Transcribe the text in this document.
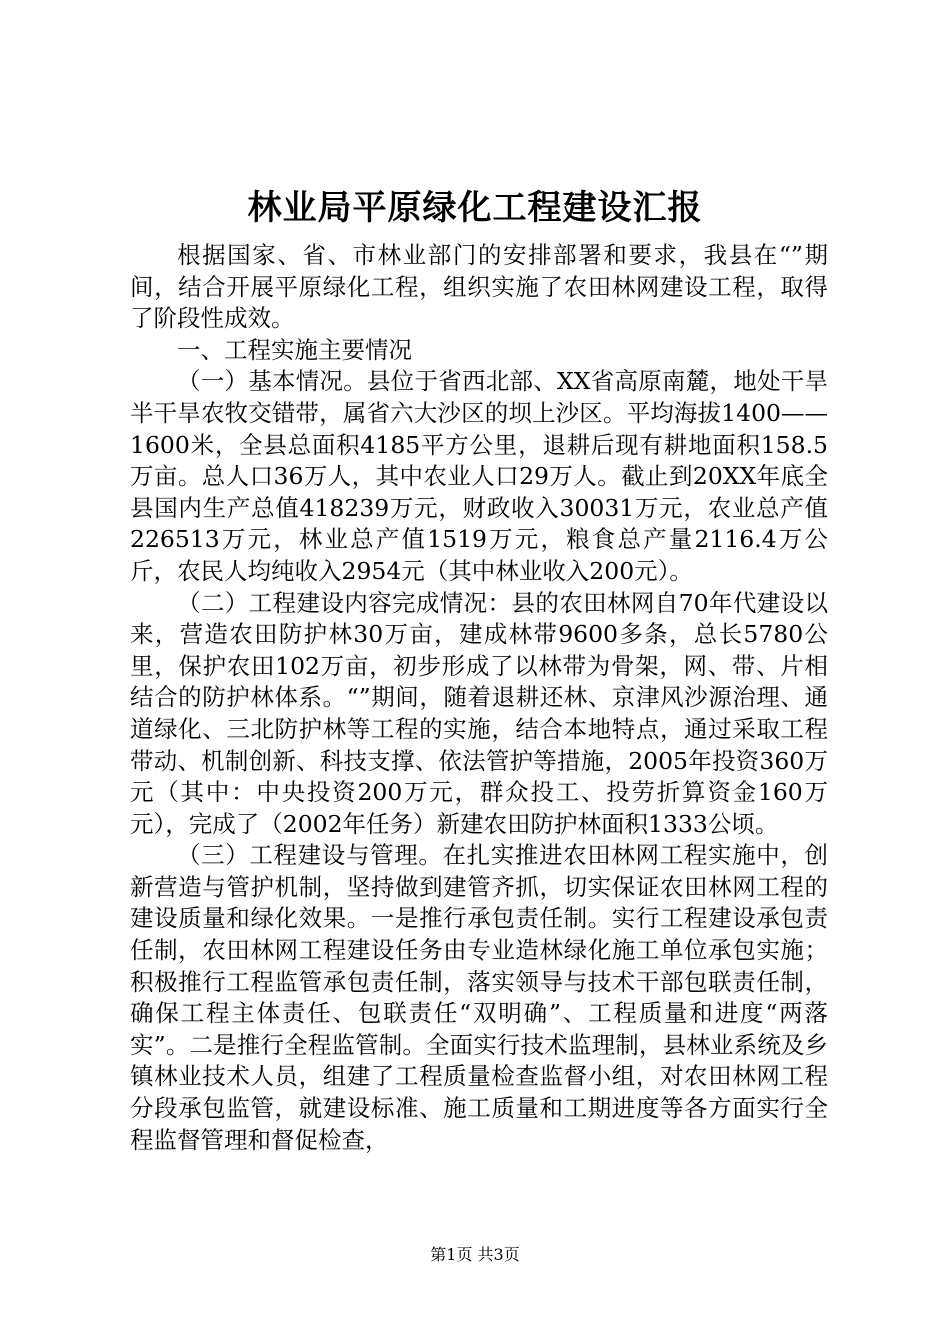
林业局平原绿化工程建设汇报

根据国家、省、市林业部门的安排部署和要求，我县在“”期间，结合开展平原绿化工程，组织实施了农田林网建设工程，取得了阶段性成效。

一、工程实施主要情况

（一）基本情况。县位于省西北部、XX省高原南麓，地处干旱半干旱农牧交错带，属省六大沙区的坝上沙区。平均海拔1400——1600米，全县总面积4185平方公里，退耕后现有耕地面积158.5万亩。总人口36万人，其中农业人口29万人。截止到20XX年底全县国内生产总值418239万元，财政收入30031万元，农业总产值226513万元，林业总产值1519万元，粮食总产量2116.4万公斤，农民人均纯收入2954元（其中林业收入200元）。

（二）工程建设内容完成情况：县的农田林网自70年代建设以来，营造农田防护林30万亩，建成林带9600多条，总长5780公里，保护农田102万亩，初步形成了以林带为骨架，网、带、片相结合的防护林体系。“”期间，随着退耕还林、京津风沙源治理、通道绿化、三北防护林等工程的实施，结合本地特点，通过采取工程带动、机制创新、科技支撑、依法管护等措施，2005年投资360万元（其中：中央投资200万元，群众投工、投劳折算资金160万元），完成了（2002年任务）新建农田防护林面积1333公顷。

（三）工程建设与管理。在扎实推进农田林网工程实施中，创新营造与管护机制，坚持做到建管齐抓，切实保证农田林网工程的建设质量和绿化效果。一是推行承包责任制。实行工程建设承包责任制，农田林网工程建设任务由专业造林绿化施工单位承包实施；积极推行工程监管承包责任制，落实领导与技术干部包联责任制，确保工程主体责任、包联责任“双明确”、工程质量和进度“两落实”。二是推行全程监管制。全面实行技术监理制，县林业系统及乡镇林业技术人员，组建了工程质量检查监督小组，对农田林网工程分段承包监管，就建设标准、施工质量和工期进度等各方面实行全程监督管理和督促检查，

第1页 共3页
